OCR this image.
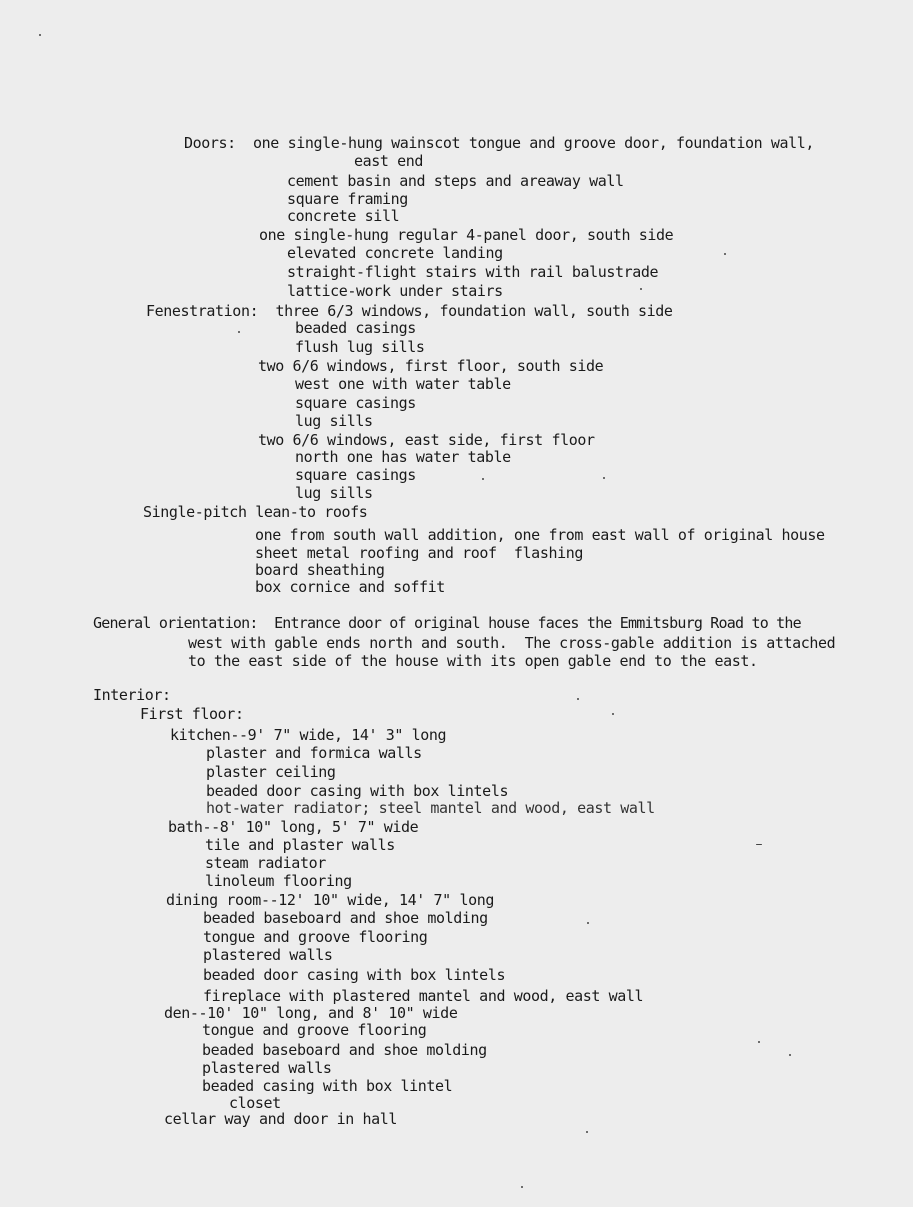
Doors:  one single-hung wainscot tongue and groove door, foundation wall,
east end
cement basin and steps and areaway wall
square framing
concrete sill
one single-hung regular 4-panel door, south side
elevated concrete landing
straight-flight stairs with rail balustrade
lattice-work under stairs
Fenestration:  three 6/3 windows, foundation wall, south side
beaded casings
flush lug sills
two 6/6 windows, first floor, south side
west one with water table
square casings
lug sills
two 6/6 windows, east side, first floor
north one has water table
square casings
lug sills
Single-pitch lean-to roofs
one from south wall addition, one from east wall of original house
sheet metal roofing and roof  flashing
board sheathing
box cornice and soffit
General orientation:  Entrance door of original house faces the Emmitsburg Road to the
west with gable ends north and south.  The cross-gable addition is attached
to the east side of the house with its open gable end to the east.
Interior:
First floor:
kitchen--9' 7" wide, 14' 3" long
plaster and formica walls
plaster ceiling
beaded door casing with box lintels
hot-water radiator; steel mantel and wood, east wall
bath--8' 10" long, 5' 7" wide
tile and plaster walls
steam radiator
linoleum flooring
dining room--12' 10" wide, 14' 7" long
beaded baseboard and shoe molding
tongue and groove flooring
plastered walls
beaded door casing with box lintels
fireplace with plastered mantel and wood, east wall
den--10' 10" long, and 8' 10" wide
tongue and groove flooring
beaded baseboard and shoe molding
plastered walls
beaded casing with box lintel
closet
cellar way and door in hall
